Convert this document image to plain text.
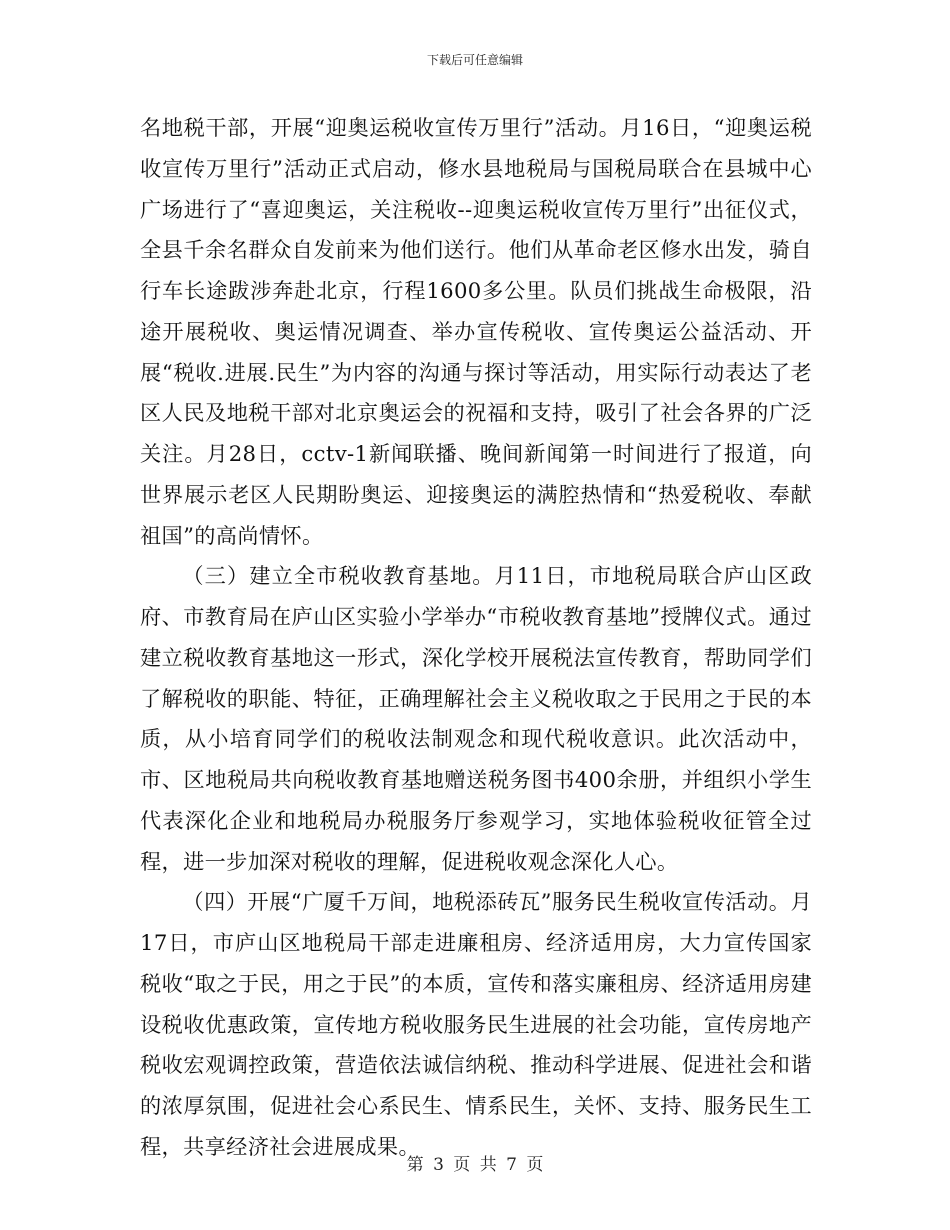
下载后可任意编辑

名地税干部，开展“迎奥运税收宣传万里行”活动。月16日，“迎奥运税收宣传万里行”活动正式启动，修水县地税局与国税局联合在县城中心广场进行了“喜迎奥运，关注税收--迎奥运税收宣传万里行”出征仪式，全县千余名群众自发前来为他们送行。他们从革命老区修水出发，骑自行车长途跋涉奔赴北京，行程1600多公里。队员们挑战生命极限，沿途开展税收、奥运情况调查、举办宣传税收、宣传奥运公益活动、开展“税收.进展.民生”为内容的沟通与探讨等活动，用实际行动表达了老区人民及地税干部对北京奥运会的祝福和支持，吸引了社会各界的广泛关注。月28日，cctv-1新闻联播、晚间新闻第一时间进行了报道，向世界展示老区人民期盼奥运、迎接奥运的满腔热情和“热爱税收、奉献祖国”的高尚情怀。

（三）建立全市税收教育基地。月11日，市地税局联合庐山区政府、市教育局在庐山区实验小学举办“市税收教育基地”授牌仪式。通过建立税收教育基地这一形式，深化学校开展税法宣传教育，帮助同学们了解税收的职能、特征，正确理解社会主义税收取之于民用之于民的本质，从小培育同学们的税收法制观念和现代税收意识。此次活动中，市、区地税局共向税收教育基地赠送税务图书400余册，并组织小学生代表深化企业和地税局办税服务厅参观学习，实地体验税收征管全过程，进一步加深对税收的理解，促进税收观念深化人心。

（四）开展“广厦千万间，地税添砖瓦”服务民生税收宣传活动。月17日，市庐山区地税局干部走进廉租房、经济适用房，大力宣传国家税收“取之于民，用之于民”的本质，宣传和落实廉租房、经济适用房建设税收优惠政策，宣传地方税收服务民生进展的社会功能，宣传房地产税收宏观调控政策，营造依法诚信纳税、推动科学进展、促进社会和谐的浓厚氛围，促进社会心系民生、情系民生，关怀、支持、服务民生工程，共享经济社会进展成果。

第 3 页 共 7 页
